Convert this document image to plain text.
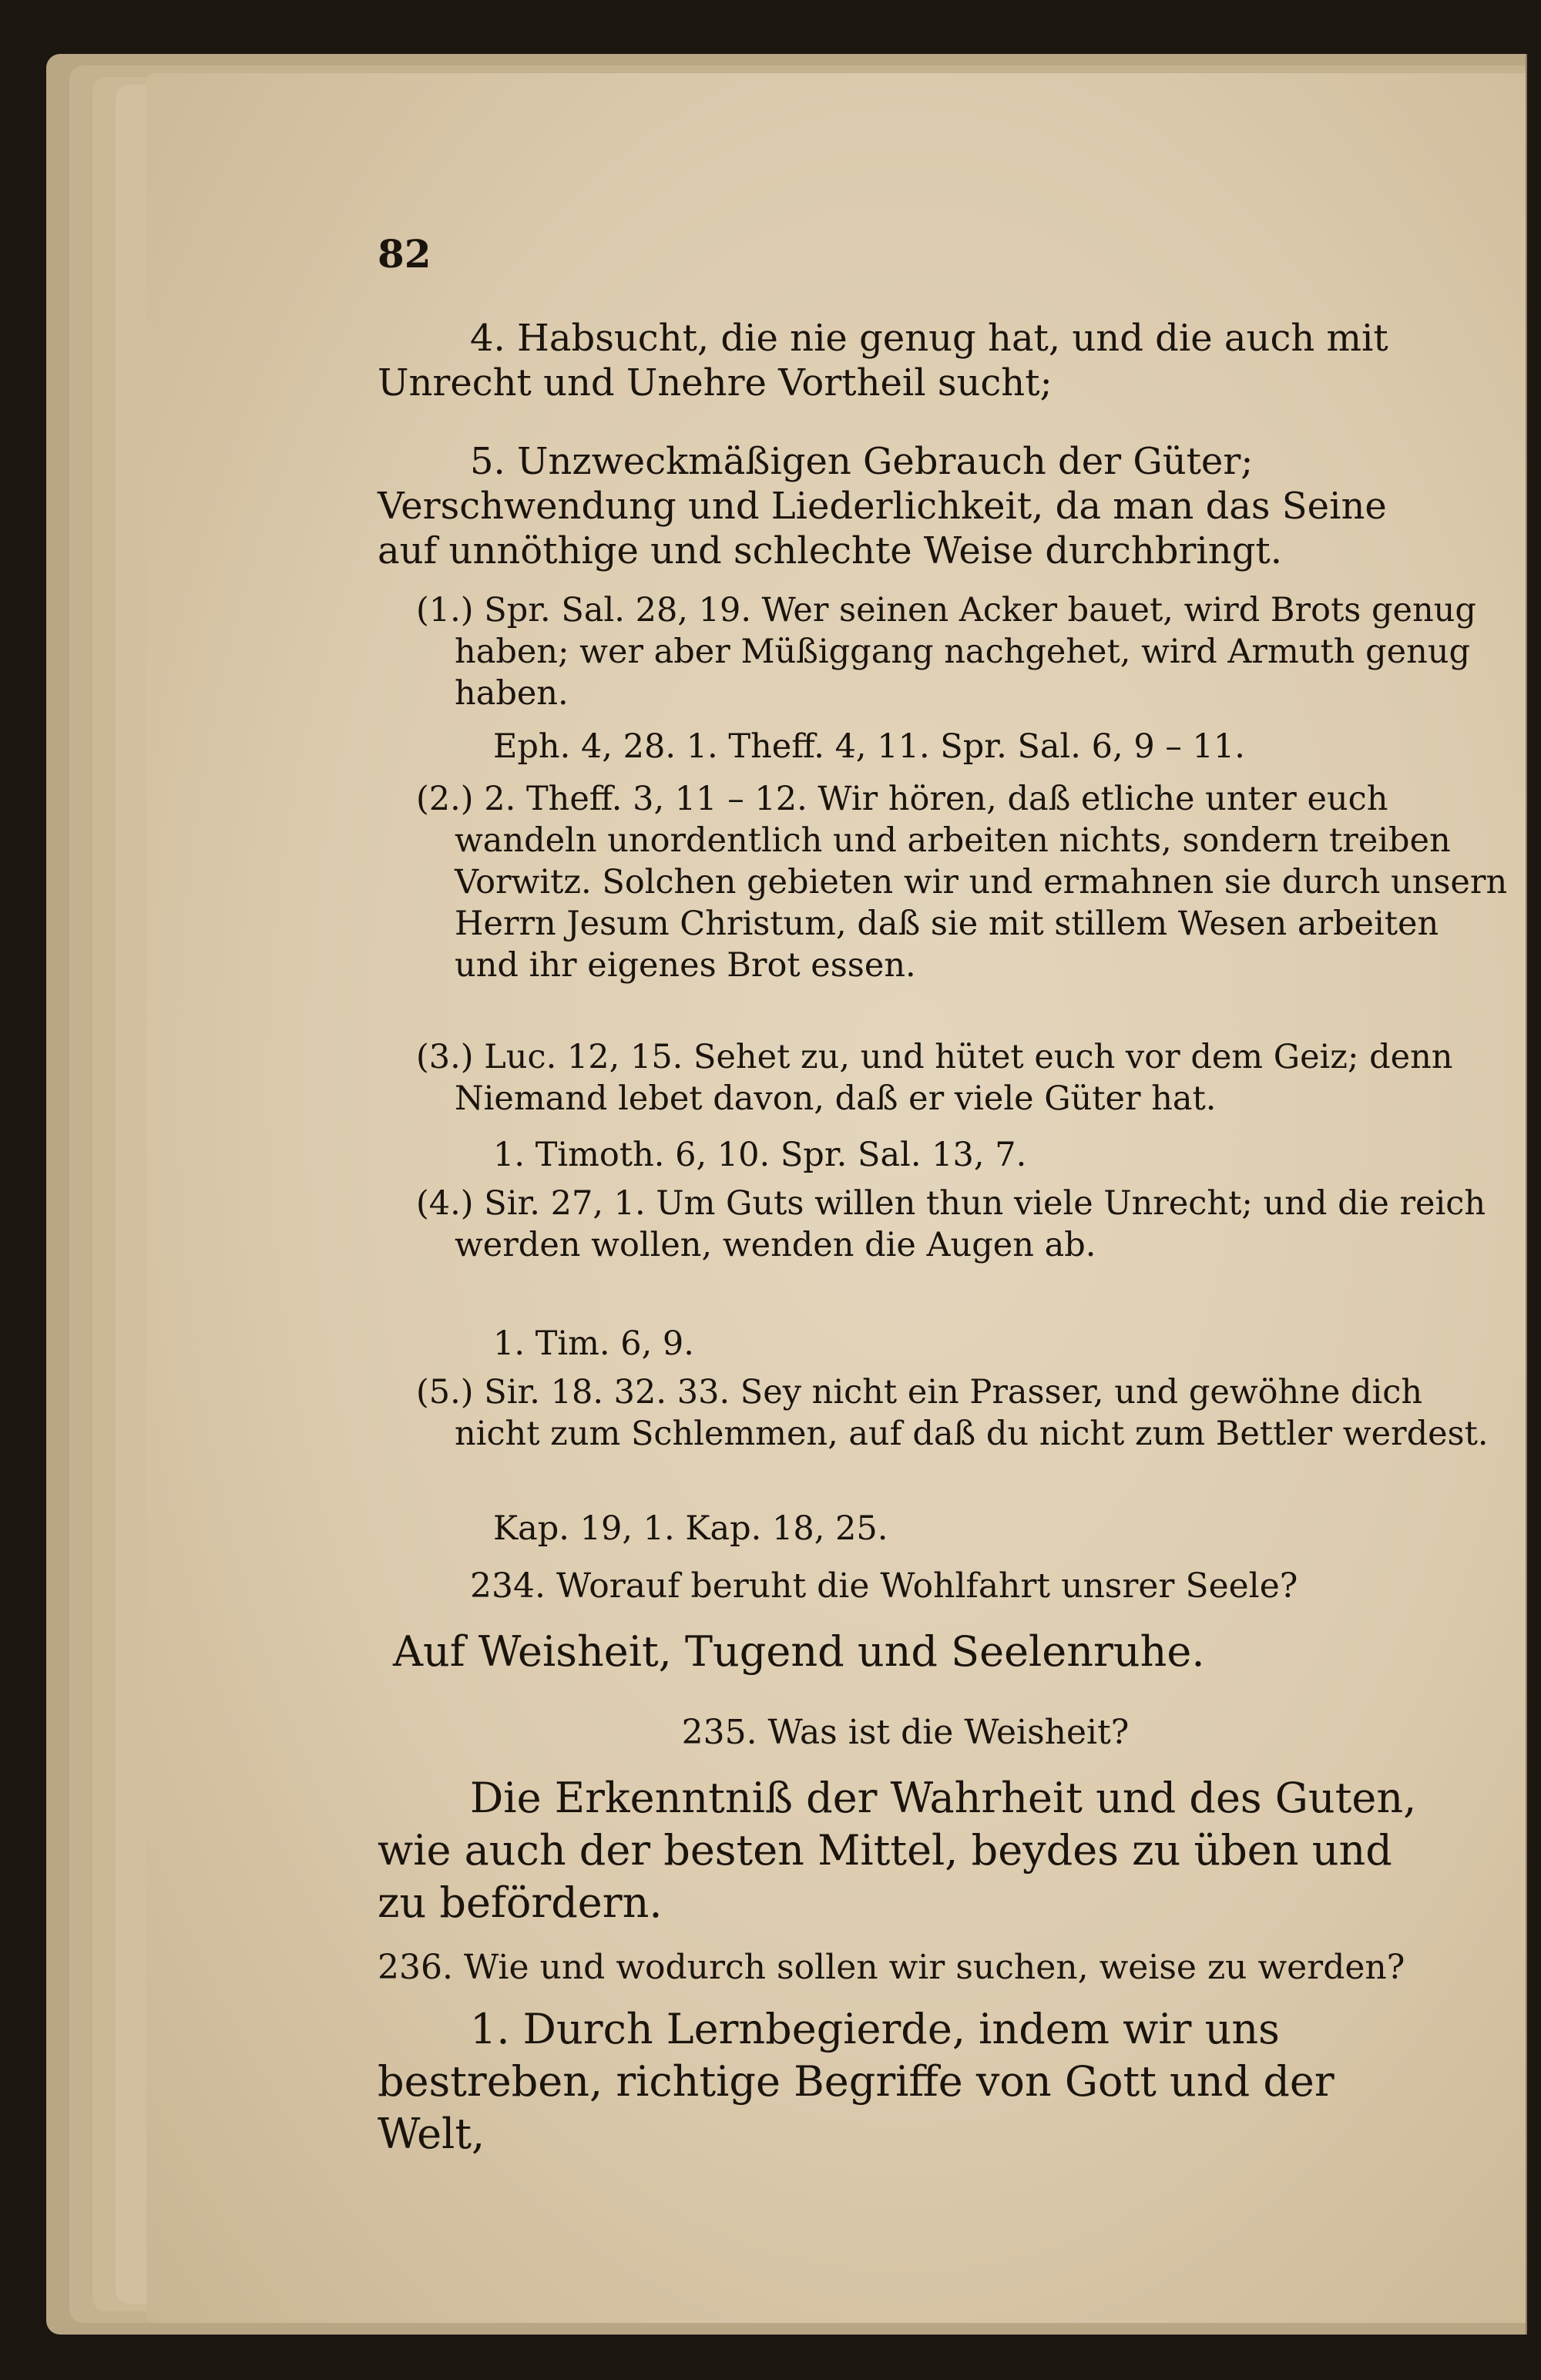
82

4. Habsucht, die nie genug hat, und die auch mit Unrecht und Unehre Vortheil sucht;

5. Unzweckmäßigen Gebrauch der Güter; Verschwendung und Liederlichkeit, da man das Seine auf unnöthige und schlechte Weise durchbringt.

(1.) Spr. Sal. 28, 19. Wer seinen Acker bauet, wird Brots genug haben; wer aber Müßiggang nachgehet, wird Armuth genug haben.

Eph. 4, 28. 1. Theff. 4, 11. Spr. Sal. 6, 9 – 11.

(2.) 2. Theff. 3, 11 – 12. Wir hören, daß etliche unter euch wandeln unordentlich und arbeiten nichts, sondern treiben Vorwitz. Solchen gebieten wir und ermahnen sie durch unsern Herrn Jesum Christum, daß sie mit stillem Wesen arbeiten und ihr eigenes Brot essen.

(3.) Luc. 12, 15. Sehet zu, und hütet euch vor dem Geiz; denn Niemand lebet davon, daß er viele Güter hat.

1. Timoth. 6, 10. Spr. Sal. 13, 7.

(4.) Sir. 27, 1. Um Guts willen thun viele Unrecht; und die reich werden wollen, wenden die Augen ab.

1. Tim. 6, 9.

(5.) Sir. 18. 32. 33. Sey nicht ein Prasser, und gewöhne dich nicht zum Schlemmen, auf daß du nicht zum Bettler werdest.

Kap. 19, 1. Kap. 18, 25.

234. Worauf beruht die Wohlfahrt unsrer Seele?

Auf Weisheit, Tugend und Seelenruhe.

235. Was ist die Weisheit?

Die Erkenntniß der Wahrheit und des Guten, wie auch der besten Mittel, beydes zu üben und zu befördern.

236. Wie und wodurch sollen wir suchen, weise zu werden?

1. Durch Lernbegierde, indem wir uns bestreben, richtige Begriffe von Gott und der Welt,
